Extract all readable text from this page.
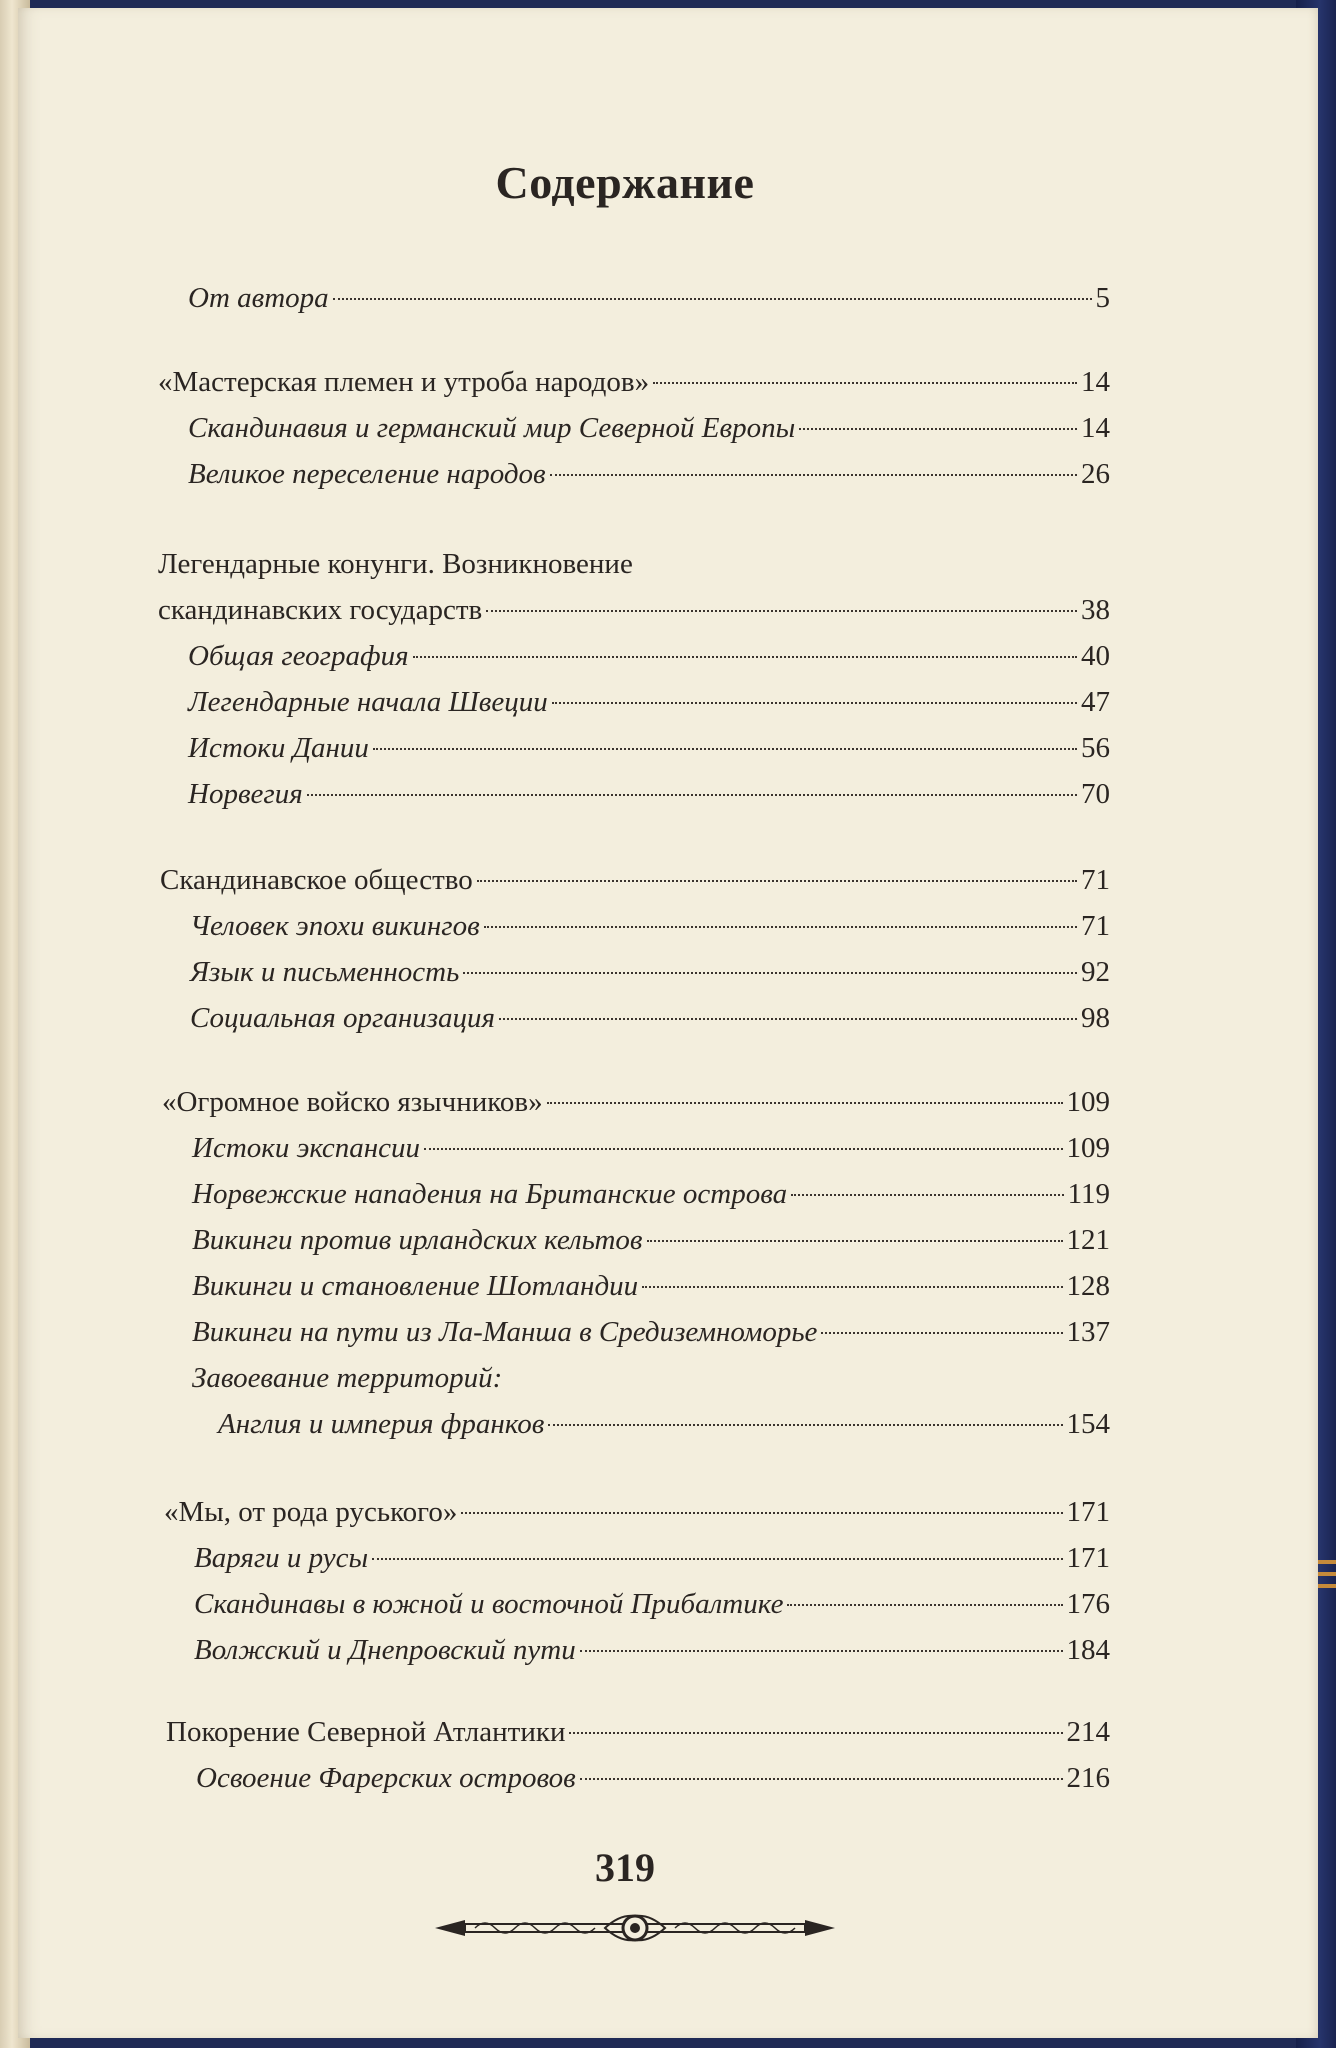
Содержание
От автора	5
«Мастерская племен и утроба народов»	14
Скандинавия и германский мир Северной Европы	14
Великое переселение народов	26
Легендарные конунги. Возникновение
скандинавских государств	38
Общая география	40
Легендарные начала Швеции	47
Истоки Дании	56
Норвегия	70
Скандинавское общество	71
Человек эпохи викингов	71
Язык и письменность	92
Социальная организация	98
«Огромное войско язычников»	109
Истоки экспансии	109
Норвежские нападения на Британские острова	119
Викинги против ирландских кельтов	121
Викинги и становление Шотландии	128
Викинги на пути из Ла-Манша в Средиземноморье	137
Завоевание территорий:
Англия и империя франков	154
«Мы, от рода руського»	171
Варяги и русы	171
Скандинавы в южной и восточной Прибалтике	176
Волжский и Днепровский пути	184
Покорение Северной Атлантики	214
Освоение Фарерских островов	216
319
